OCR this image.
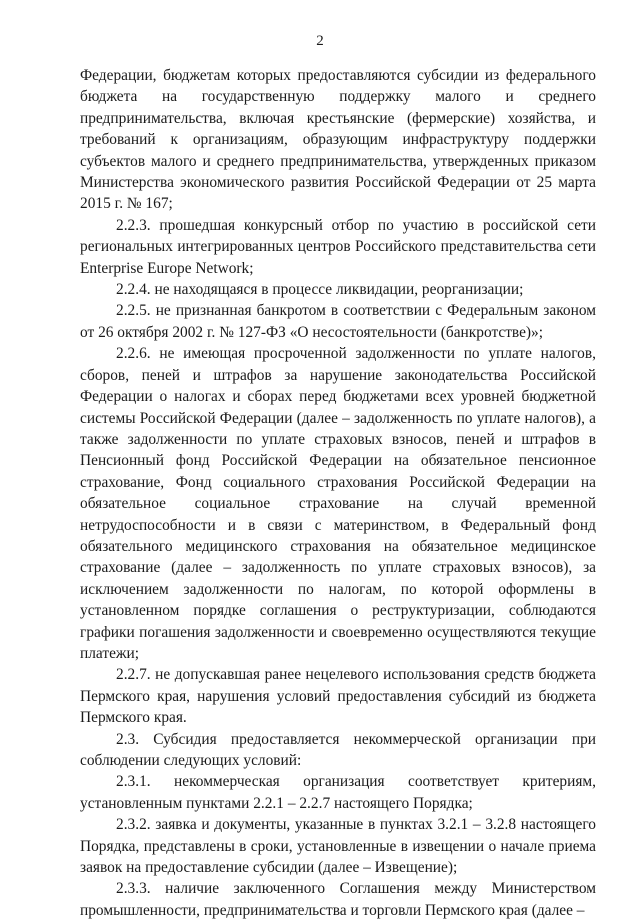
2

Федерации, бюджетам которых предоставляются субсидии из федерального бюджета на государственную поддержку малого и среднего предпринимательства, включая крестьянские (фермерские) хозяйства, и требований к организациям, образующим инфраструктуру поддержки субъектов малого и среднего предпринимательства, утвержденных приказом Министерства экономического развития Российской Федерации от 25 марта 2015 г. № 167;

2.2.3. прошедшая конкурсный отбор по участию в российской сети региональных интегрированных центров Российского представительства сети Enterprise Europe Network;

2.2.4. не находящаяся в процессе ликвидации, реорганизации;

2.2.5. не признанная банкротом в соответствии с Федеральным законом от 26 октября 2002 г. № 127-ФЗ «О несостоятельности (банкротстве)»;

2.2.6. не имеющая просроченной задолженности по уплате налогов, сборов, пеней и штрафов за нарушение законодательства Российской Федерации о налогах и сборах перед бюджетами всех уровней бюджетной системы Российской Федерации (далее – задолженность по уплате налогов), а также задолженности по уплате страховых взносов, пеней и штрафов в Пенсионный фонд Российской Федерации на обязательное пенсионное страхование, Фонд социального страхования Российской Федерации на обязательное социальное страхование на случай временной нетрудоспособности и в связи с материнством, в Федеральный фонд обязательного медицинского страхования на обязательное медицинское страхование (далее – задолженность по уплате страховых взносов), за исключением задолженности по налогам, по которой оформлены в установленном порядке соглашения о реструктуризации, соблюдаются графики погашения задолженности и своевременно осуществляются текущие платежи;

2.2.7. не допускавшая ранее нецелевого использования средств бюджета Пермского края, нарушения условий предоставления субсидий из бюджета Пермского края.

2.3. Субсидия предоставляется некоммерческой организации при соблюдении следующих условий:

2.3.1. некоммерческая организация соответствует критериям, установленным пунктами 2.2.1 – 2.2.7 настоящего Порядка;

2.3.2. заявка и документы, указанные в пунктах 3.2.1 – 3.2.8 настоящего Порядка, представлены в сроки, установленные в извещении о начале приема заявок на предоставление субсидии (далее – Извещение);

2.3.3. наличие заключенного Соглашения между Министерством промышленности, предпринимательства и торговли Пермского края (далее –
